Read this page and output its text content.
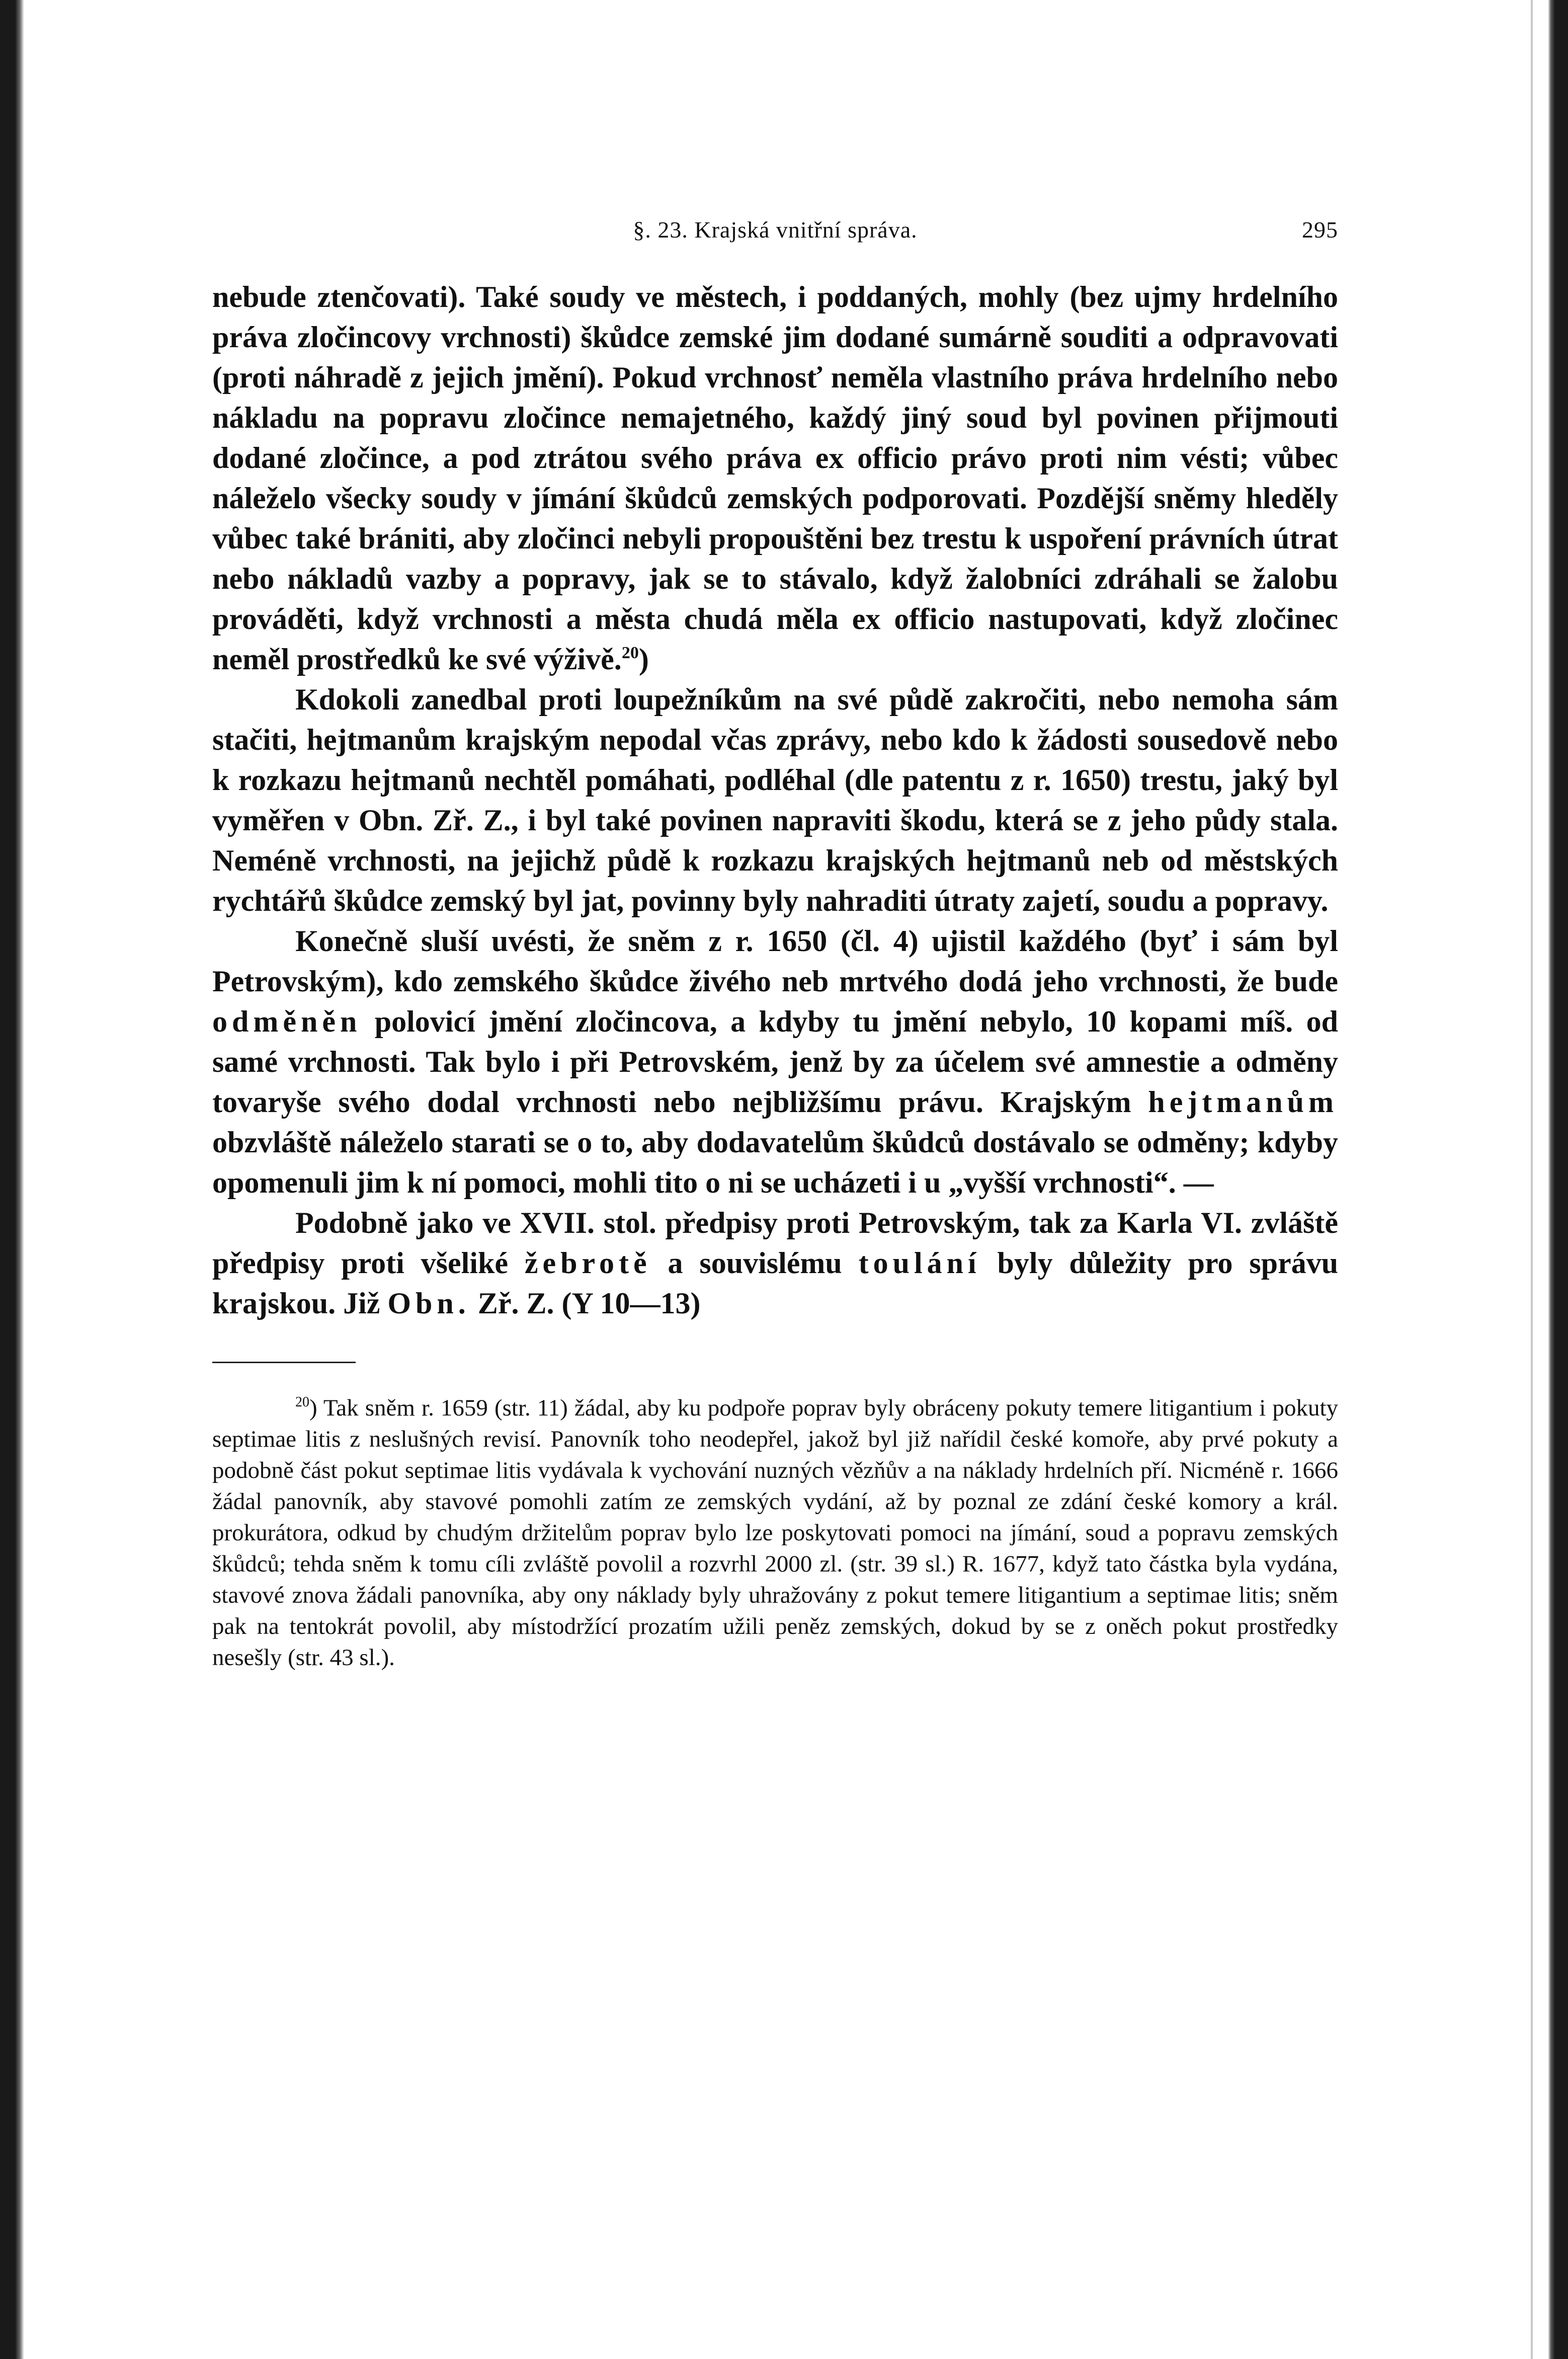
§. 23. Krajská vnitřní správa.	295

nebude ztenčovati). Také soudy ve městech, i poddaných, mohly (bez ujmy hrdelního práva zločincovy vrchnosti) škůdce zemské jim dodané sumárně souditi a odpravovati (proti náhradě z jejich jmění). Pokud vrchnosť neměla vlastního práva hrdelního nebo nákladu na popravu zločince nemajetného, každý jiný soud byl povinen přijmouti dodané zločince, a pod ztrátou svého práva ex officio právo proti nim vésti; vůbec náleželo všecky soudy v jímání škůdců zemských podporovati. Pozdější sněmy hleděly vůbec také brániti, aby zločinci nebyli propouštěni bez trestu k uspoření právních útrat nebo nákladů vazby a popravy, jak se to stávalo, když žalobníci zdráhali se žalobu prováděti, když vrchnosti a města chudá měla ex officio nastupovati, když zločinec neměl prostředků ke své výživě.$^{20}$)

Kdokoli zanedbal proti loupežníkům na své půdě zakročiti, nebo nemoha sám stačiti, hejtmanům krajským nepodal včas zprávy, nebo kdo k žádosti sousedově nebo k rozkazu hejtmanů nechtěl pomáhati, podléhal (dle patentu z r. 1650) trestu, jaký byl vyměřen v Obn. Zř. Z., i byl také povinen napraviti škodu, která se z jeho půdy stala. Neméně vrchnosti, na jejichž půdě k rozkazu krajských hejtmanů neb od městských rychtářů škůdce zemský byl jat, povinny byly nahraditi útraty zajetí, soudu a popravy.

Konečně sluší uvésti, že sněm z r. 1650 (čl. 4) ujistil každého (byť i sám byl Petrovským), kdo zemského škůdce živého neb mrtvého dodá jeho vrchnosti, že bude odměněn polovicí jmění zločincova, a kdyby tu jmění nebylo, 10 kopami míš. od samé vrchnosti. Tak bylo i při Petrovském, jenž by za účelem své amnestie a odměny tovaryše svého dodal vrchnosti nebo nejbližšímu právu. Krajským hejtmanům obzvláště náleželo starati se o to, aby dodavatelům škůdců dostávalo se odměny; kdyby opomenuli jim k ní pomoci, mohli tito o ni se ucházeti i u „vyšší vrchnosti“. —

Podobně jako ve XVII. stol. předpisy proti Petrovským, tak za Karla VI. zvláště předpisy proti všeliké žebrotě a souvislému toulání byly důležity pro správu krajskou. Již Obn. Zř. Z. (Y 10—13)

$^{20}$) Tak sněm r. 1659 (str. 11) žádal, aby ku podpoře poprav byly obráceny pokuty temere litigantium i pokuty septimae litis z neslušných revisí. Panovník toho neodepřel, jakož byl již nařídil české komoře, aby prvé pokuty a podobně část pokut septimae litis vydávala k vychování nuzných vězňův a na náklady hrdelních pří. Nicméně r. 1666 žádal panovník, aby stavové pomohli zatím ze zemských vydání, až by poznal ze zdání české komory a král. prokurátora, odkud by chudým držitelům poprav bylo lze poskytovati pomoci na jímání, soud a popravu zemských škůdců; tehda sněm k tomu cíli zvláště povolil a rozvrhl 2000 zl. (str. 39 sl.) R. 1677, když tato částka byla vydána, stavové znova žádali panovníka, aby ony náklady byly uhražovány z pokut temere litigantium a septimae litis; sněm pak na tentokrát povolil, aby místodržící prozatím užili peněz zemských, dokud by se z oněch pokut prostředky nesešly (str. 43 sl.).
